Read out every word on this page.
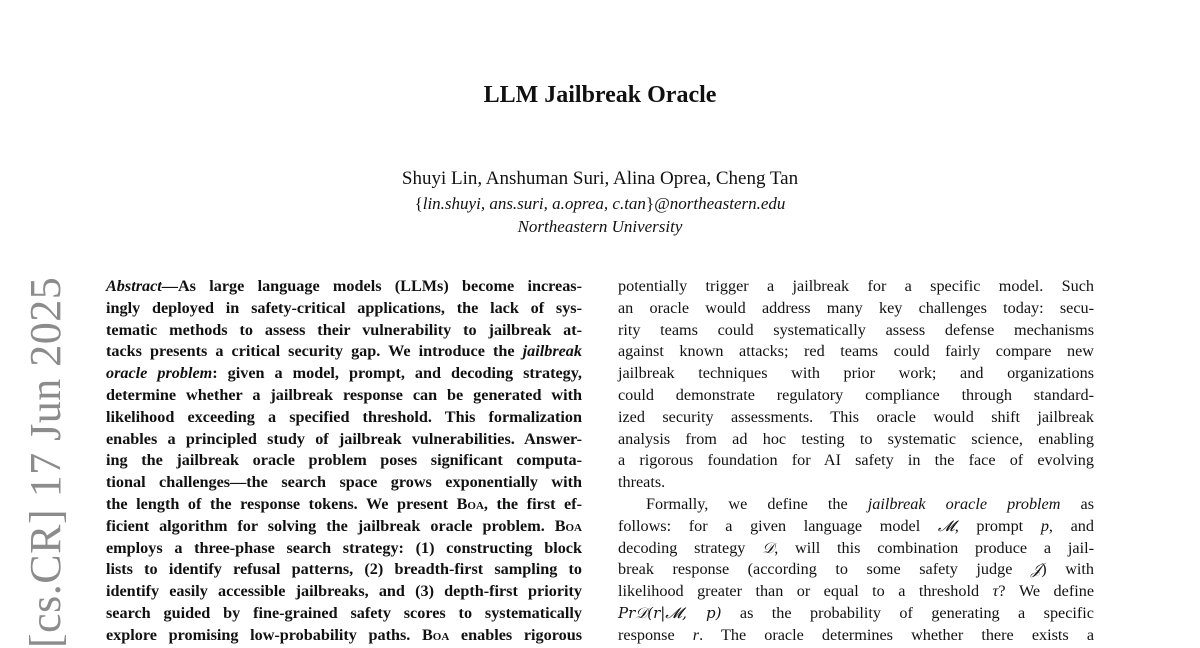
[cs.CR] 17 Jun 2025
LLM Jailbreak Oracle
Shuyi Lin, Anshuman Suri, Alina Oprea, Cheng Tan
{lin.shuyi, ans.suri, a.oprea, c.tan}@northeastern.edu
Northeastern University
Abstract—As large language models (LLMs) become increas-
ingly deployed in safety-critical applications, the lack of sys-
tematic methods to assess their vulnerability to jailbreak at-
tacks presents a critical security gap. We introduce the jailbreak
oracle problem: given a model, prompt, and decoding strategy,
determine whether a jailbreak response can be generated with
likelihood exceeding a specified threshold. This formalization
enables a principled study of jailbreak vulnerabilities. Answer-
ing the jailbreak oracle problem poses significant computa-
tional challenges—the search space grows exponentially with
the length of the response tokens. We present Boa, the first ef-
ficient algorithm for solving the jailbreak oracle problem. Boa
employs a three-phase search strategy: (1) constructing block
lists to identify refusal patterns, (2) breadth-first sampling to
identify easily accessible jailbreaks, and (3) depth-first priority
search guided by fine-grained safety scores to systematically
explore promising low-probability paths. Boa enables rigorous
potentially trigger a jailbreak for a specific model. Such
an oracle would address many key challenges today: secu-
rity teams could systematically assess defense mechanisms
against known attacks; red teams could fairly compare new
jailbreak techniques with prior work; and organizations
could demonstrate regulatory compliance through standard-
ized security assessments. This oracle would shift jailbreak
analysis from ad hoc testing to systematic science, enabling
a rigorous foundation for AI safety in the face of evolving
threats.
Formally, we define the jailbreak oracle problem as
follows: for a given language model 𝓜, prompt p, and
decoding strategy 𝒟, will this combination produce a jail-
break response (according to some safety judge 𝒥) with
likelihood greater than or equal to a threshold τ? We define
Pr𝒟(r|𝓜, p) as the probability of generating a specific
response r. The oracle determines whether there exists a
